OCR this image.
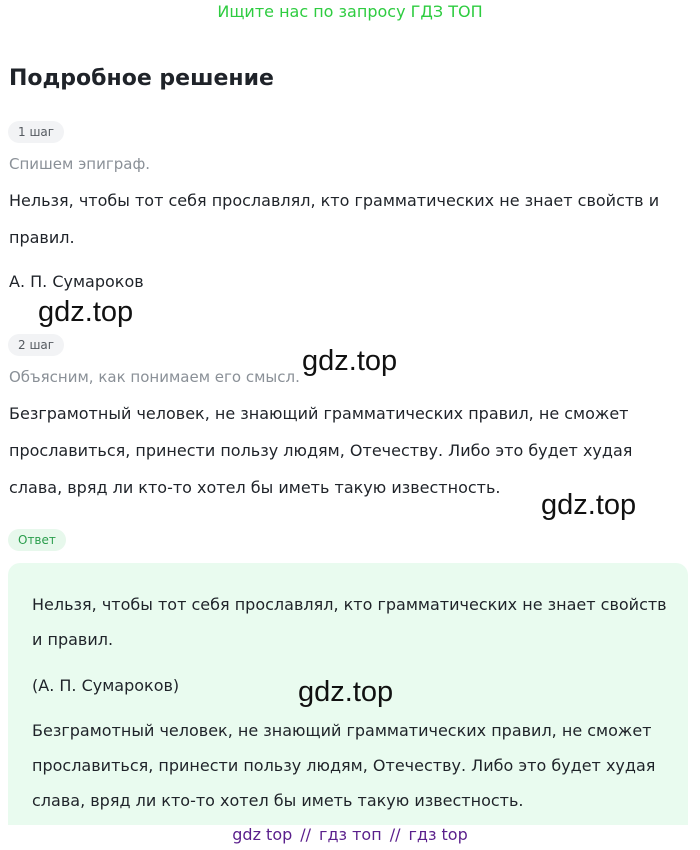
Ищите нас по запросу ГДЗ ТОП
Подробное решение
1 шаг
Спишем эпиграф.

Нельзя, чтобы тот себя прославлял, кто грамматических не знает свойств и правил.

А. П. Сумароков

2 шаг
Объясним, как понимаем его смысл.

Безграмотный человек, не знающий грамматических правил, не сможет прославиться, принести пользу людям, Отечеству. Либо это будет худая слава, вряд ли кто-то хотел бы иметь такую известность.

Ответ

Нельзя, чтобы тот себя прославлял, кто грамматических не знает свойств и правил.

(А. П. Сумароков)

Безграмотный человек, не знающий грамматических правил, не сможет прославиться, принести пользу людям, Отечеству. Либо это будет худая слава, вряд ли кто-то хотел бы иметь такую известность.

gdz.top
gdz.top
gdz.top
gdz.top
gdz top // гдз топ // гдз top
